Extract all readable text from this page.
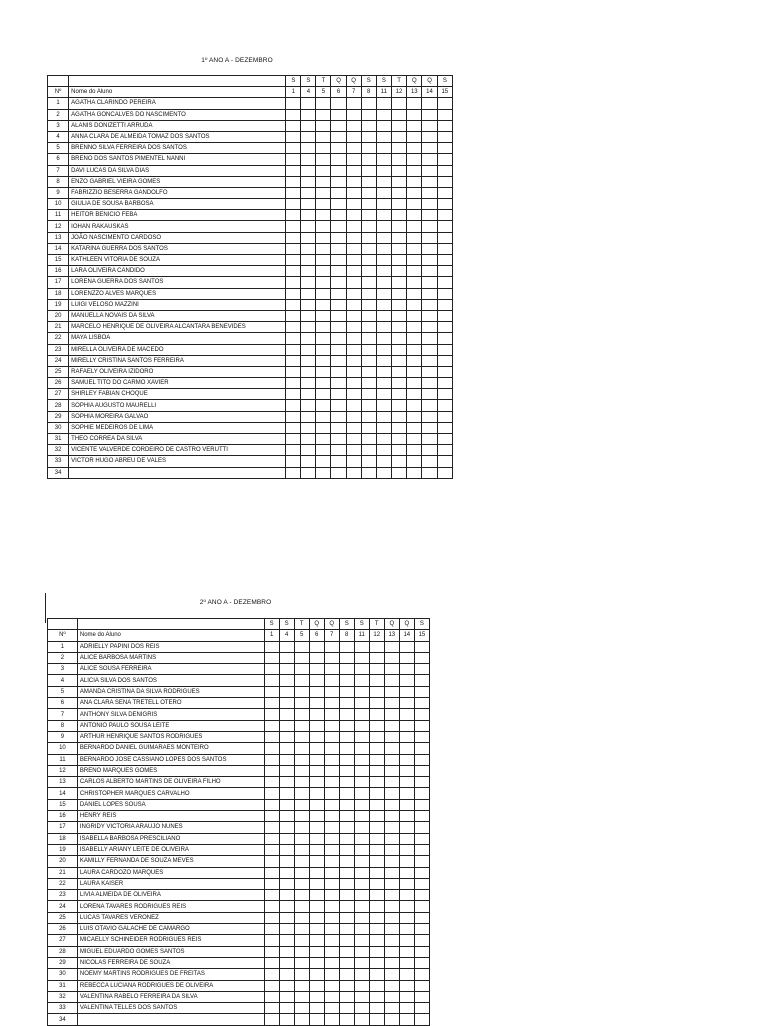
1º ANO A - DEZEMBRO
		S	S	T	Q	Q	S	S	T	Q	Q	S
Nº	Nome do Aluno	1	4	5	6	7	8	11	12	13	14	15
1	AGATHA CLARINDO PEREIRA											
2	AGATHA GONCALVES DO NASCIMENTO											
3	ALANIS DONIZETTI ARRUDA											
4	ANNA CLARA DE ALMEIDA TOMAZ DOS SANTOS											
5	BRENNO SILVA FERREIRA DOS SANTOS											
6	BRENO DOS SANTOS PIMENTEL NANNI											
7	DAVI LUCAS DA SILVA DIAS											
8	ENZO GABRIEL VIEIRA GOMES											
9	FABRIZZIO BESERRA GANDOLFO											
10	GIULIA DE SOUSA BARBOSA											
11	HEITOR BENICIO FEBA											
12	IOHAN RAKAUSKAS											
13	JOÃO NASCIMENTO CARDOSO											
14	KATARINA GUERRA DOS SANTOS											
15	KATHLEEN VITORIA DE SOUZA											
16	LARA OLIVEIRA CANDIDO											
17	LORENA GUERRA DOS SANTOS											
18	LORENZZO ALVES MARQUES											
19	LUIGI VELOSO MAZZINI											
20	MANUELLA NOVAIS DA SILVA											
21	MARCELO HENRIQUE DE OLIVEIRA ALCANTARA BENEVIDES											
22	MAYA LISBOA											
23	MIRELLA OLIVEIRA DE MACEDO											
24	MIRELLY CRISTINA SANTOS FERREIRA											
25	RAFAELY OLIVEIRA IZIDORO											
26	SAMUEL TITO DO CARMO XAVIER											
27	SHIRLEY FABIAN CHOQUE											
28	SOPHIA AUGUSTO MAURELLI											
29	SOPHIA MOREIRA GALVAO											
30	SOPHIE MEDEIROS DE LIMA											
31	THEO CORREA DA SILVA											
32	VICENTE VALVERDE CORDEIRO DE CASTRO VERUTTI											
33	VICTOR HUGO ABREU DE VALES											
34												
2º ANO A - DEZEMBRO
		S	S	T	Q	Q	S	S	T	Q	Q	S
Nº	Nome do Aluno	1	4	5	6	7	8	11	12	13	14	15
1	ADRIELLY PAPINI DOS REIS											
2	ALICE BARBOSA MARTINS											
3	ALICE SOUSA FERREIRA											
4	ALICIA SILVA DOS SANTOS											
5	AMANDA CRISTINA DA SILVA RODRIGUES											
6	ANA CLARA SENA TRETELL OTERO											
7	ANTHONY SILVA DENIGRIS											
8	ANTONIO PAULO SOUSA LEITE											
9	ARTHUR HENRIQUE SANTOS RODRIGUES											
10	BERNARDO DANIEL GUIMARAES MONTEIRO											
11	BERNARDO JOSE CASSIANO LOPES DOS SANTOS											
12	BRENO MARQUES GOMES											
13	CARLOS ALBERTO MARTINS DE OLIVEIRA FILHO											
14	CHRISTOPHER MARQUES CARVALHO											
15	DANIEL LOPES SOUSA											
16	HENRY REIS											
17	INGRIDY VICTORIA ARAUJO NUNES											
18	ISABELLA BARBOSA PRESCILIANO											
19	ISABELLY ARIANY LEITE DE OLIVEIRA											
20	KAMILLY FERNANDA DE SOUZA MEVES											
21	LAURA CARDOZO MARQUES											
22	LAURA KAISER											
23	LIVIA ALMEIDA DE OLIVEIRA											
24	LORENA TAVARES RODRIGUES REIS											
25	LUCAS TAVARES VERONEZ											
26	LUIS OTAVIO GALACHE DE CAMARGO											
27	MICAELLY SCHINEIDER RODRIGUES REIS											
28	MIGUEL EDUARDO GOMES SANTOS											
29	NICOLAS FERREIRA DE SOUZA											
30	NOEMY MARTINS RODRIGUES DE FREITAS											
31	REBECCA LUCIANA RODRIGUES DE OLIVEIRA											
32	VALENTINA RABELO FERREIRA DA SILVA											
33	VALENTINA TELLES DOS SANTOS											
34												
